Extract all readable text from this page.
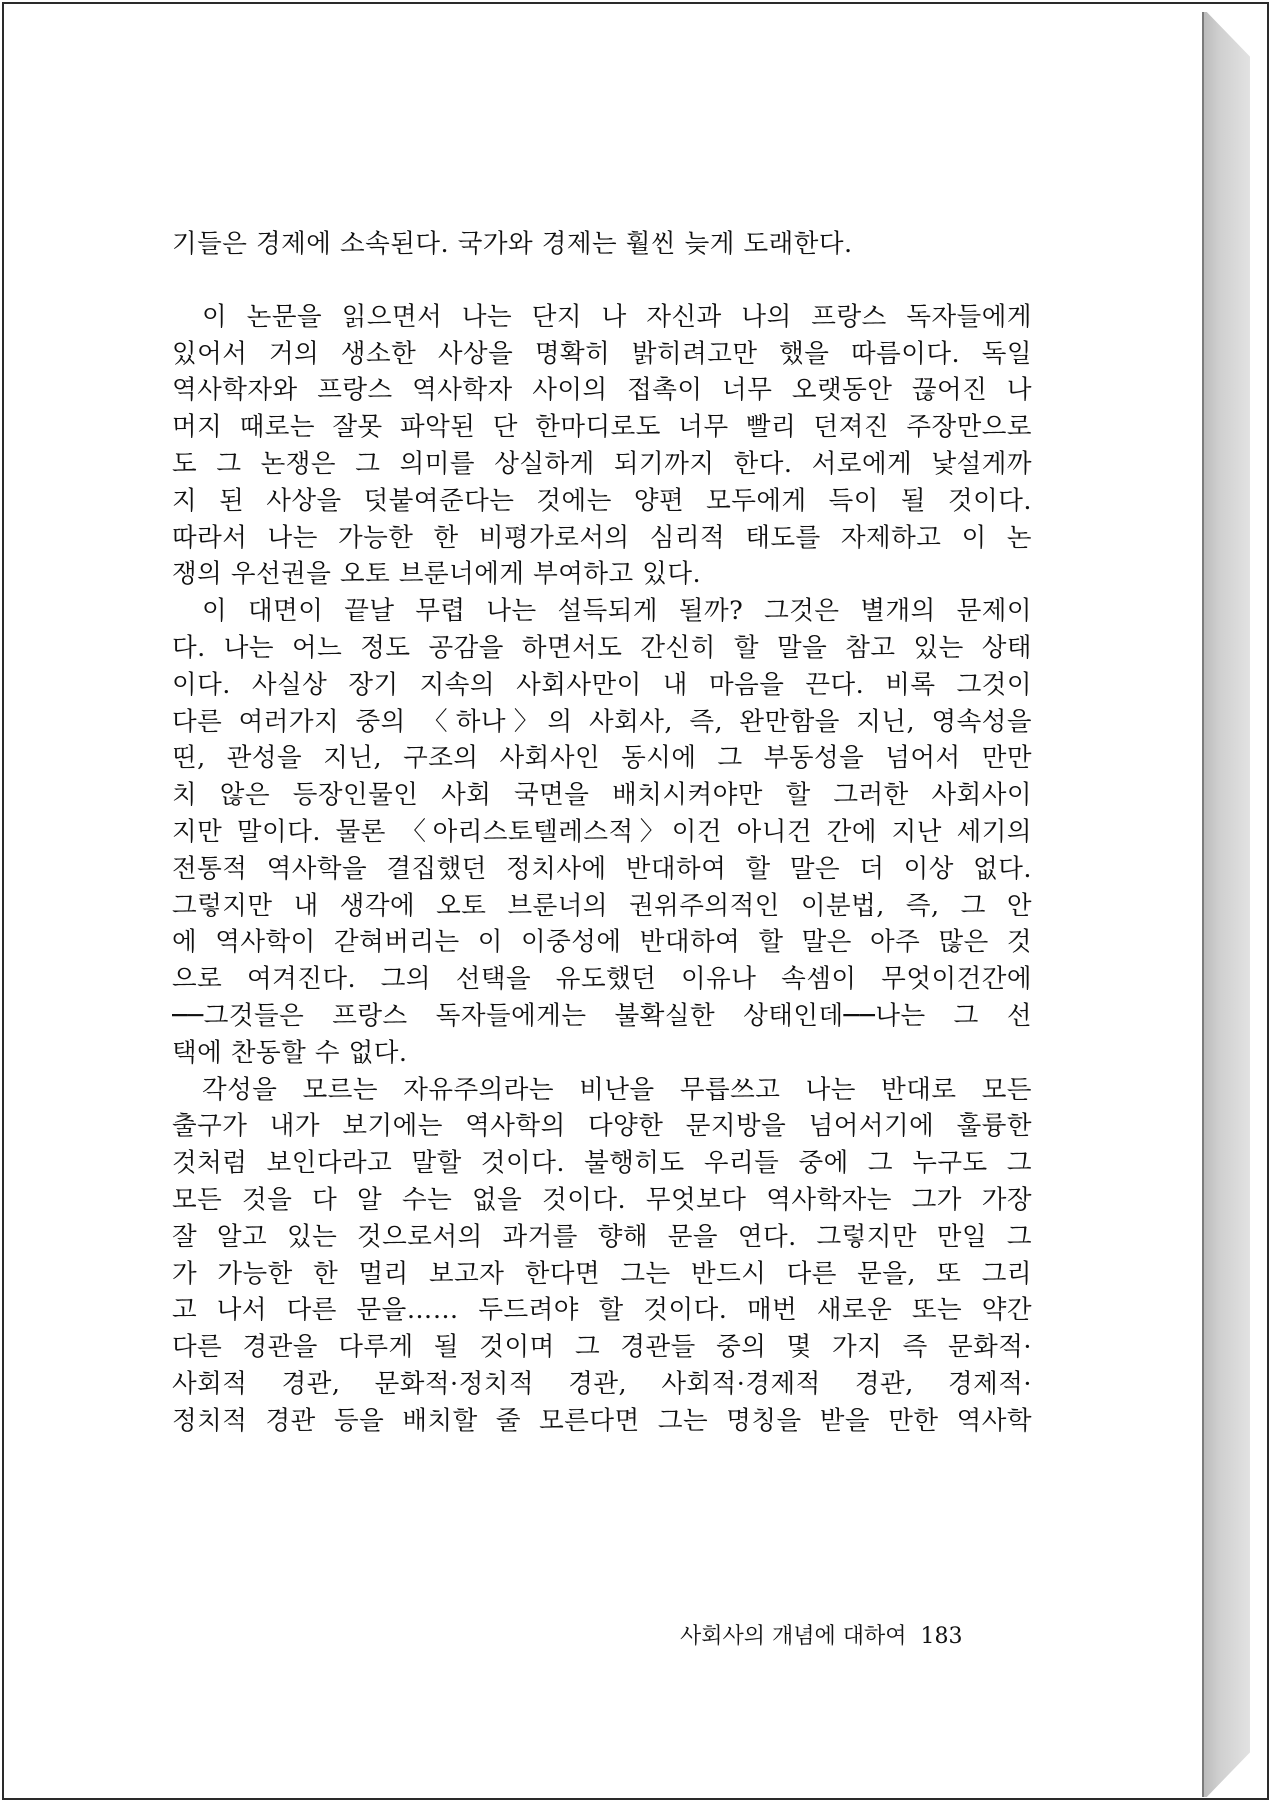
기들은 경제에 소속된다. 국가와 경제는 훨씬 늦게 도래한다.
이 논문을 읽으면서 나는 단지 나 자신과 나의 프랑스 독자들에게
있어서 거의 생소한 사상을 명확히 밝히려고만 했을 따름이다. 독일
역사학자와 프랑스 역사학자 사이의 접촉이 너무 오랫동안 끊어진 나
머지 때로는 잘못 파악된 단 한마디로도 너무 빨리 던져진 주장만으로
도 그 논쟁은 그 의미를 상실하게 되기까지 한다. 서로에게 낯설게까
지 된 사상을 덧붙여준다는 것에는 양편 모두에게 득이 될 것이다.
따라서 나는 가능한 한 비평가로서의 심리적 태도를 자제하고 이 논
쟁의 우선권을 오토 브룬너에게 부여하고 있다.
이 대면이 끝날 무렵 나는 설득되게 될까? 그것은 별개의 문제이
다. 나는 어느 정도 공감을 하면서도 간신히 할 말을 참고 있는 상태
이다. 사실상 장기 지속의 사회사만이 내 마음을 끈다. 비록 그것이
다른 여러가지 중의 〈하나〉의 사회사, 즉, 완만함을 지닌, 영속성을
띤, 관성을 지닌, 구조의 사회사인 동시에 그 부동성을 넘어서 만만
치 않은 등장인물인 사회 국면을 배치시켜야만 할 그러한 사회사이
지만 말이다. 물론 〈아리스토텔레스적〉이건 아니건 간에 지난 세기의
전통적 역사학을 결집했던 정치사에 반대하여 할 말은 더 이상 없다.
그렇지만 내 생각에 오토 브룬너의 권위주의적인 이분법, 즉, 그 안
에 역사학이 갇혀버리는 이 이중성에 반대하여 할 말은 아주 많은 것
으로 여겨진다. 그의 선택을 유도했던 이유나 속셈이 무엇이건간에
──그것들은 프랑스 독자들에게는 불확실한 상태인데──나는 그 선
택에 찬동할 수 없다.
각성을 모르는 자유주의라는 비난을 무릅쓰고 나는 반대로 모든
출구가 내가 보기에는 역사학의 다양한 문지방을 넘어서기에 훌륭한
것처럼 보인다라고 말할 것이다. 불행히도 우리들 중에 그 누구도 그
모든 것을 다 알 수는 없을 것이다. 무엇보다 역사학자는 그가 가장
잘 알고 있는 것으로서의 과거를 향해 문을 연다. 그렇지만 만일 그
가 가능한 한 멀리 보고자 한다면 그는 반드시 다른 문을, 또 그리
고 나서 다른 문을…… 두드려야 할 것이다. 매번 새로운 또는 약간
다른 경관을 다루게 될 것이며 그 경관들 중의 몇 가지 즉 문화적·
사회적 경관, 문화적·정치적 경관, 사회적·경제적 경관, 경제적·
정치적 경관 등을 배치할 줄 모른다면 그는 명칭을 받을 만한 역사학
사회사의 개념에 대하여 183
